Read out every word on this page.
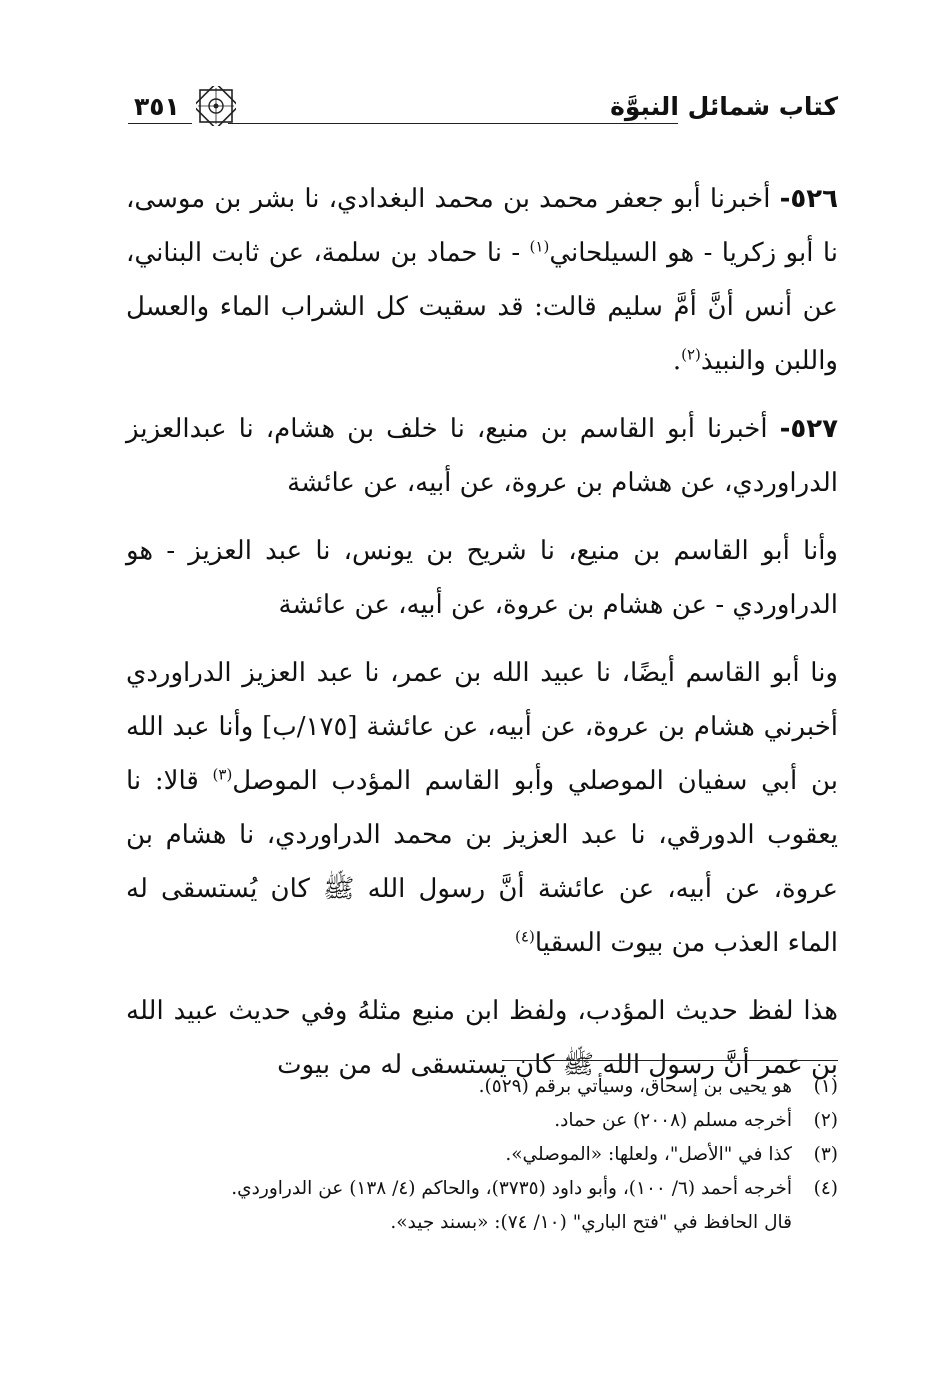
كتاب شمائل النبوَّة
٣٥١

٥٢٦- أخبرنا أبو جعفر محمد بن محمد البغدادي، نا بشر بن موسى، نا أبو زكريا - هو السيلحاني$^{(١)}$ - نا حماد بن سلمة، عن ثابت البناني، عن أنس أنَّ أمَّ سليم قالت: قد سقيت كل الشراب الماء والعسل واللبن والنبيذ$^{(٢)}$.

٥٢٧- أخبرنا أبو القاسم بن منيع، نا خلف بن هشام، نا عبدالعزيز الدراوردي، عن هشام بن عروة، عن أبيه، عن عائشة

وأنا أبو القاسم بن منيع، نا شريح بن يونس، نا عبد العزيز - هو الدراوردي - عن هشام بن عروة، عن أبيه، عن عائشة

ونا أبو القاسم أيضًا، نا عبيد الله بن عمر، نا عبد العزيز الدراوردي أخبرني هشام بن عروة، عن أبيه، عن عائشة [١٧٥/ب] وأنا عبد الله بن أبي سفيان الموصلي وأبو القاسم المؤدب الموصل$^{(٣)}$ قالا: نا يعقوب الدورقي، نا عبد العزيز بن محمد الدراوردي، نا هشام بن عروة، عن أبيه، عن عائشة أنَّ رسول الله ﷺ كان يُستسقى له الماء العذب من بيوت السقيا$^{(٤)}$

هذا لفظ حديث المؤدب، ولفظ ابن منيع مثلهُ وفي حديث عبيد الله بن عمر أنَّ رسول الله ﷺ كان يستسقى له من بيوت

(١)
هو يحيى بن إسحاق، وسيأتي برقم (٥٢٩).
(٢)
أخرجه مسلم (٢٠٠٨) عن حماد.
(٣)
كذا في "الأصل"، ولعلها: «الموصلي».
(٤)
أخرجه أحمد (٦/ ١٠٠)، وأبو داود (٣٧٣٥)، والحاكم (٤/ ١٣٨) عن الدراوردي.

قال الحافظ في "فتح الباري" (١٠/ ٧٤): «بسند جيد».
